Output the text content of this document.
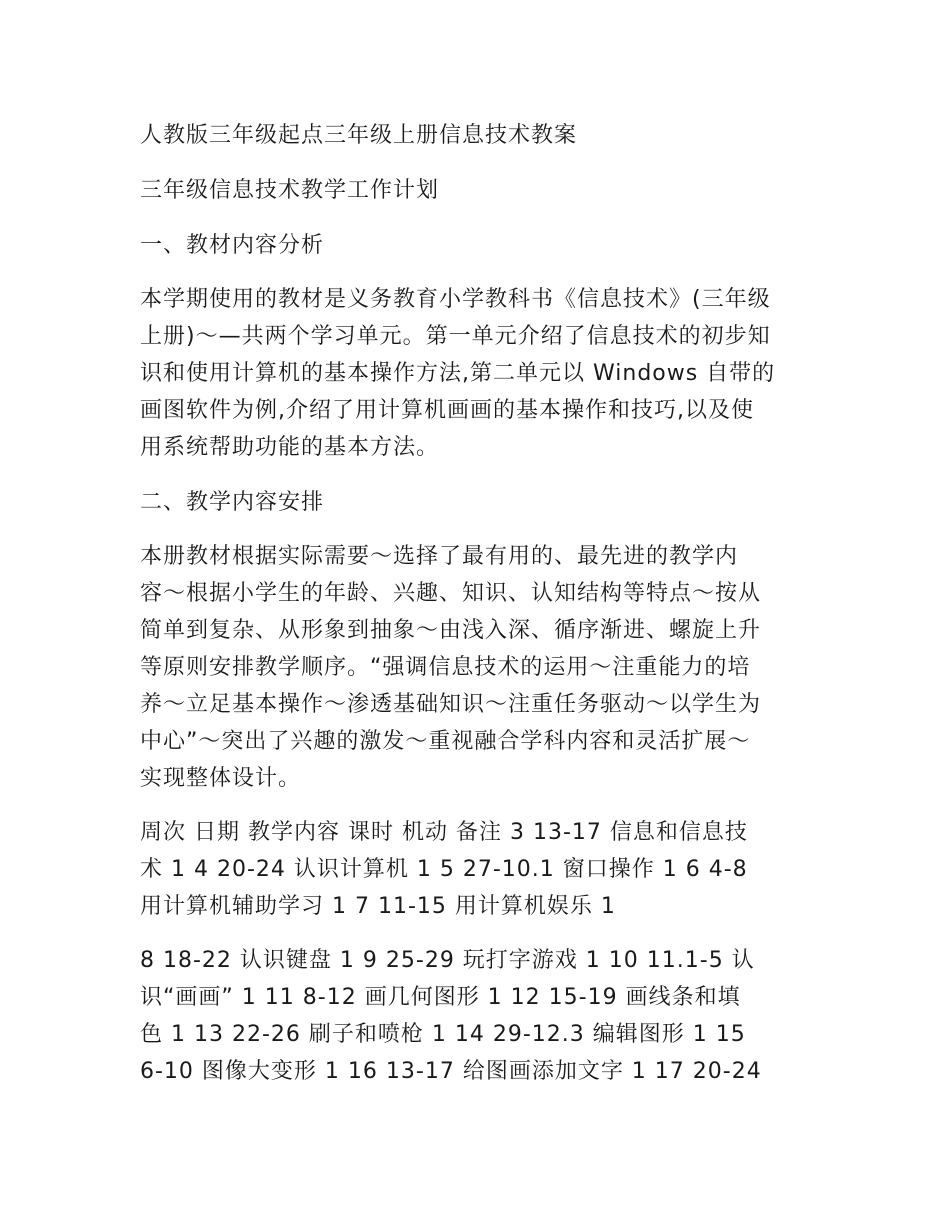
人教版三年级起点三年级上册信息技术教案
三年级信息技术教学工作计划
一、教材内容分析
本学期使用的教材是义务教育小学教科书《信息技术》(三年级
上册)～—共两个学习单元。第一单元介绍了信息技术的初步知
识和使用计算机的基本操作方法,第二单元以 Windows 自带的
画图软件为例,介绍了用计算机画画的基本操作和技巧,以及使
用系统帮助功能的基本方法。
二、教学内容安排
本册教材根据实际需要～选择了最有用的、最先进的教学内
容～根据小学生的年龄、兴趣、知识、认知结构等特点～按从
简单到复杂、从形象到抽象～由浅入深、循序渐进、螺旋上升
等原则安排教学顺序。“强调信息技术的运用～注重能力的培
养～立足基本操作～渗透基础知识～注重任务驱动～以学生为
中心”～突出了兴趣的激发～重视融合学科内容和灵活扩展～
实现整体设计。
周次 日期 教学内容 课时 机动 备注 3 13-17 信息和信息技
术 1 4 20-24 认识计算机 1 5 27-10.1 窗口操作 1 6 4-8
用计算机辅助学习 1 7 11-15 用计算机娱乐 1
8 18-22 认识键盘 1 9 25-29 玩打字游戏 1 10 11.1-5 认
识“画画” 1 11 8-12 画几何图形 1 12 15-19 画线条和填
色 1 13 22-26 刷子和喷枪 1 14 29-12.3 编辑图形 1 15
6-10 图像大变形 1 16 13-17 给图画添加文字 1 17 20-24
